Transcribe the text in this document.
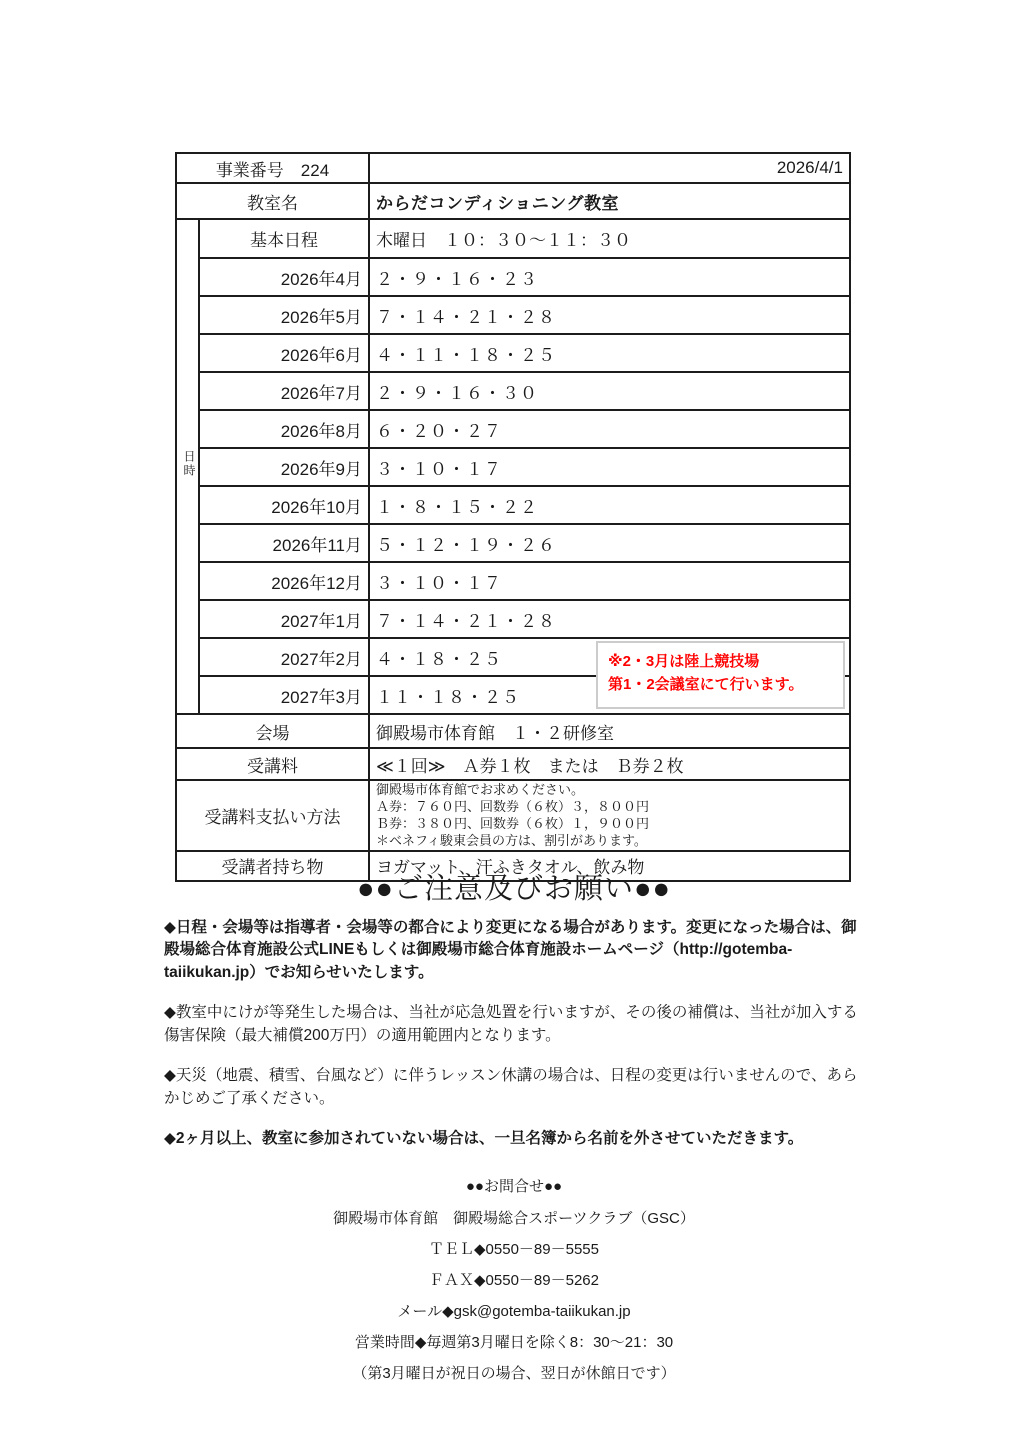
事業番号　224		2026/4/1
教室名		からだコンディショニング教室
日時	基本日程	木曜日　１０：３０～１１：３０
	2026年4月	２・９・１６・２３
	2026年5月	７・１４・２１・２８
	2026年6月	４・１１・１８・２５
	2026年7月	２・９・１６・３０
	2026年8月	６・２０・２７
	2026年9月	３・１０・１７
	2026年10月	１・８・１５・２２
	2026年11月	５・１２・１９・２６
	2026年12月	３・１０・１７
	2027年1月	７・１４・２１・２８
	2027年2月	４・１８・２５
	2027年3月	１１・１８・２５
会場		御殿場市体育館　１・２研修室
受講料		≪１回≫　Ａ券１枚　または　Ｂ券２枚
受講料支払い方法		御殿場市体育館でお求めください。
Ａ券：７６０円、回数券（６枚）３，８００円
Ｂ券：３８０円、回数券（６枚）１，９００円
＊ベネフィ駿東会員の方は、割引があります。

受講者持ち物		ヨガマット、汗ふきタオル、飲み物
※2・3月は陸上競技場
第1・2会議室にて行います。
●●ご注意及びお願い●●

◆日程・会場等は指導者・会場等の都合により変更になる場合があります。変更になった場合は、御殿場総合体育施設公式LINEもしくは御殿場市総合体育施設ホームページ（http://gotemba-taiikukan.jp）でお知らせいたします。

◆教室中にけが等発生した場合は、当社が応急処置を行いますが、その後の補償は、当社が加入する傷害保険（最大補償200万円）の適用範囲内となります。

◆天災（地震、積雪、台風など）に伴うレッスン休講の場合は、日程の変更は行いませんので、あらかじめご了承ください。

◆2ヶ月以上、教室に参加されていない場合は、一旦名簿から名前を外させていただきます。

●●お問合せ●●
御殿場市体育館　御殿場総合スポーツクラブ（GSC）
ＴＥＬ◆0550－89－5555
ＦＡＸ◆0550－89－5262
メール◆gsk@gotemba-taiikukan.jp
営業時間◆毎週第3月曜日を除く8：30～21：30
（第3月曜日が祝日の場合、翌日が休館日です）
